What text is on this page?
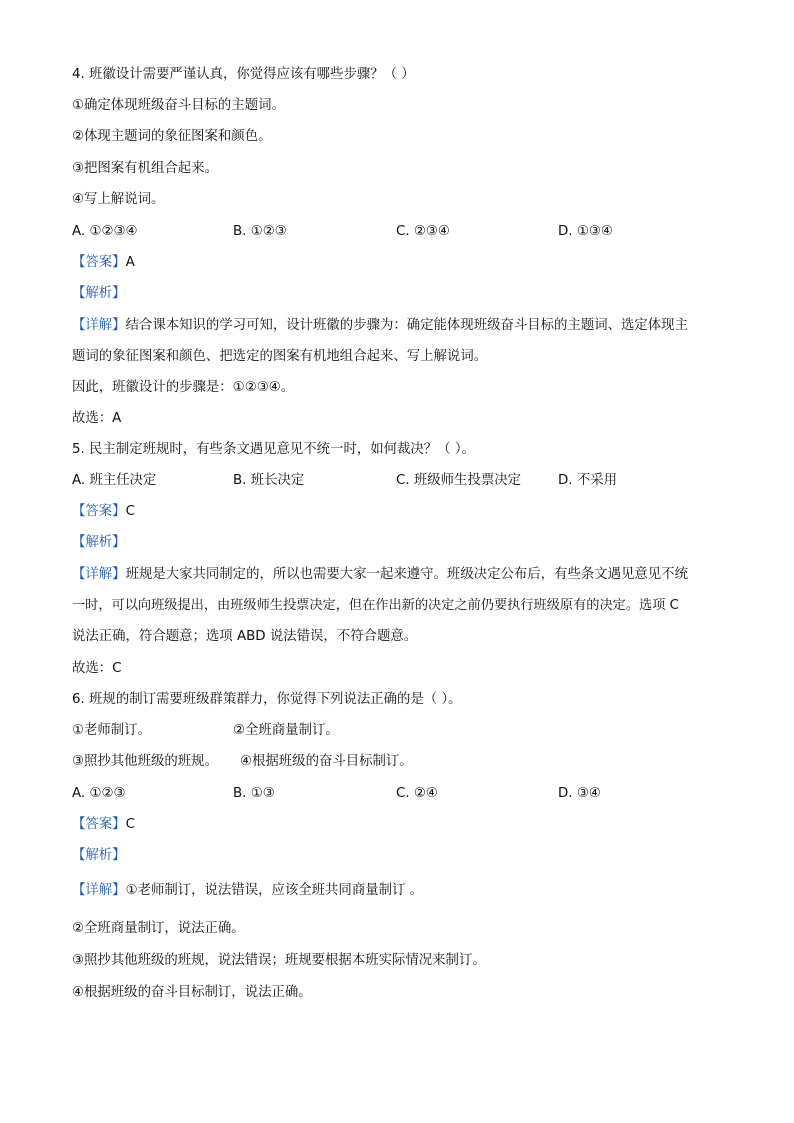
4. 班徽设计需要严谨认真，你觉得应该有哪些步骤？（ ）
①确定体现班级奋斗目标的主题词。
②体现主题词的象征图案和颜色。
③把图案有机组合起来。
④写上解说词。
A. ①②③④	B. ①②③	C. ②③④	D. ①③④
【答案】A
【解析】
【详解】结合课本知识的学习可知，设计班徽的步骤为：确定能体现班级奋斗目标的主题词、选定体现主
题词的象征图案和颜色、把选定的图案有机地组合起来、写上解说词。
因此，班徽设计的步骤是：①②③④。
故选：A
5. 民主制定班规时，有些条文遇见意见不统一时，如何裁决？（ ）。
A. 班主任决定	B. 班长决定	C. 班级师生投票决定	D. 不采用
【答案】C
【解析】
【详解】班规是大家共同制定的，所以也需要大家一起来遵守。班级决定公布后，有些条文遇见意见不统
一时，可以向班级提出，由班级师生投票决定，但在作出新的决定之前仍要执行班级原有的决定。选项 C
说法正确，符合题意；选项 ABD 说法错误，不符合题意。
故选：C
6. 班规的制订需要班级群策群力，你觉得下列说法正确的是（ ）。
①老师制订。	②全班商量制订。
③照抄其他班级的班规。 ④根据班级的奋斗目标制订。
A. ①②③	B. ①③	C. ②④	D. ③④
【答案】C
【解析】
【详解】①老师制订，说法错误，应该全班共同商量制订 。
②全班商量制订，说法正确。
③照抄其他班级的班规，说法错误；班规要根据本班实际情况来制订。
④根据班级的奋斗目标制订，说法正确。
